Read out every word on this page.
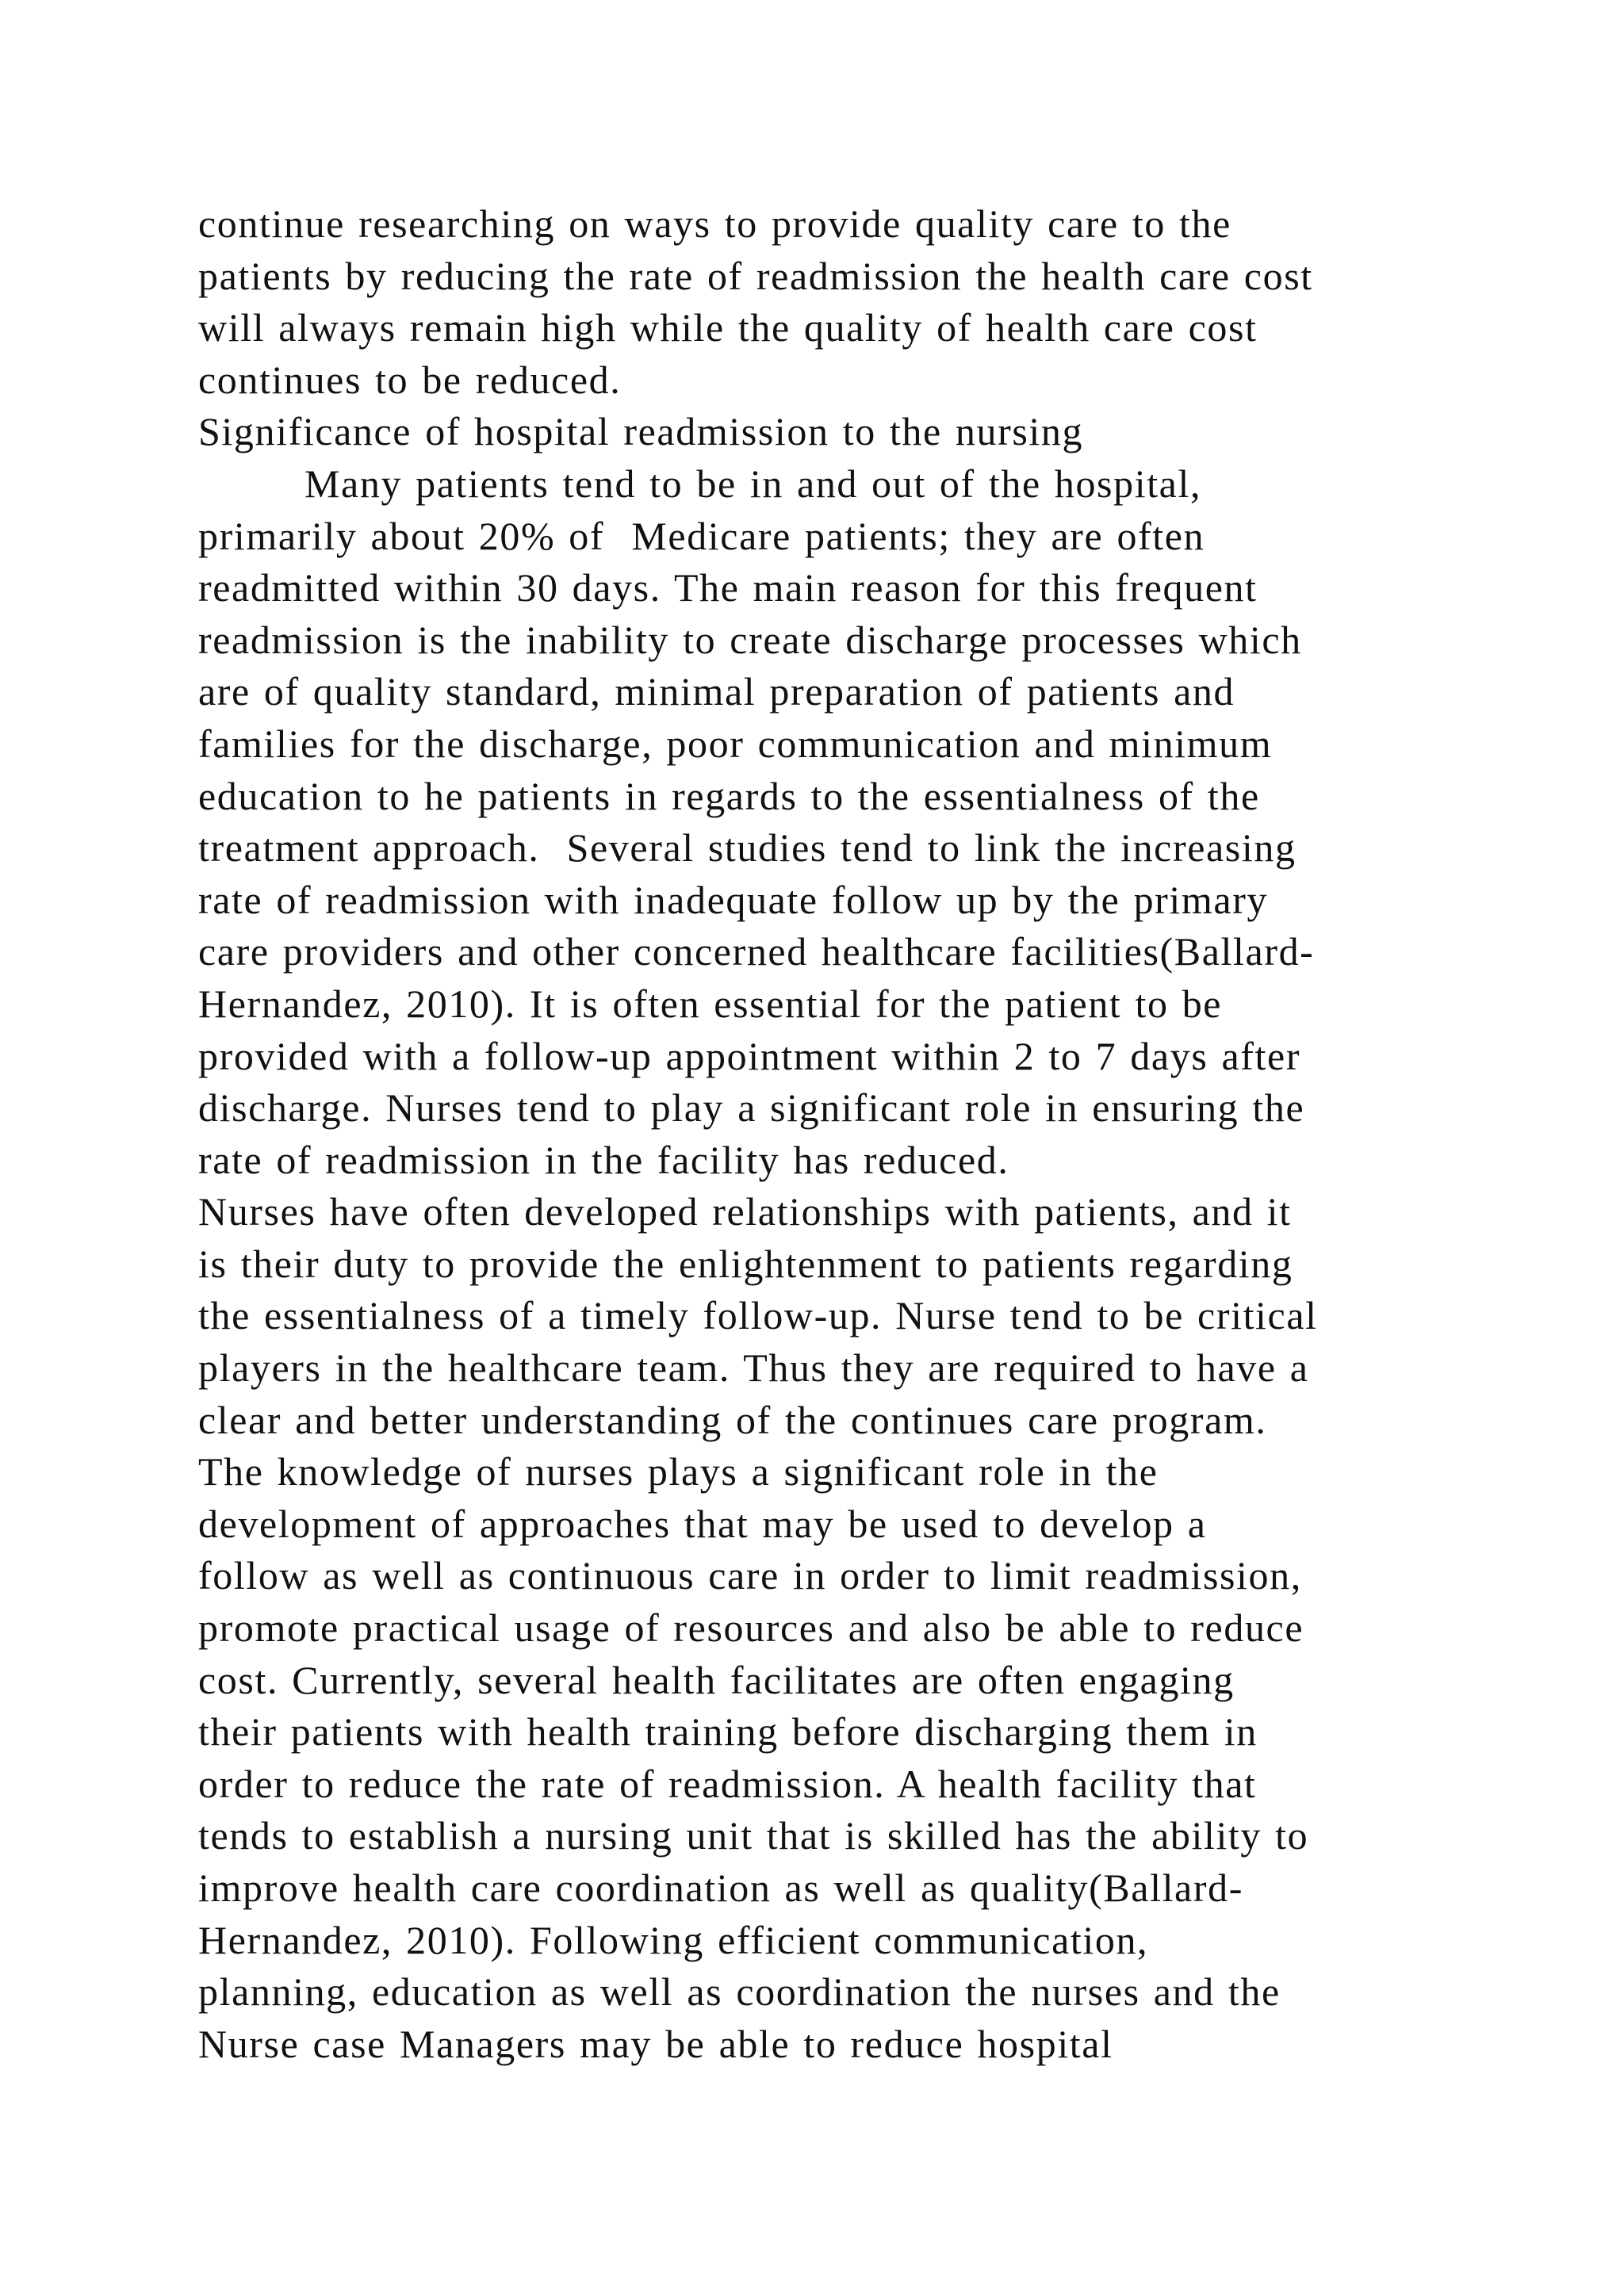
continue researching on ways to provide quality care to the
patients by reducing the rate of readmission the health care cost
will always remain high while the quality of health care cost
continues to be reduced.
Significance of hospital readmission to the nursing
Many patients tend to be in and out of the hospital,
primarily about 20% of  Medicare patients; they are often
readmitted within 30 days. The main reason for this frequent
readmission is the inability to create discharge processes which
are of quality standard, minimal preparation of patients and
families for the discharge, poor communication and minimum
education to he patients in regards to the essentialness of the
treatment approach.  Several studies tend to link the increasing
rate of readmission with inadequate follow up by the primary
care providers and other concerned healthcare facilities(Ballard-
Hernandez, 2010). It is often essential for the patient to be
provided with a follow-up appointment within 2 to 7 days after
discharge. Nurses tend to play a significant role in ensuring the
rate of readmission in the facility has reduced.
Nurses have often developed relationships with patients, and it
is their duty to provide the enlightenment to patients regarding
the essentialness of a timely follow-up. Nurse tend to be critical
players in the healthcare team. Thus they are required to have a
clear and better understanding of the continues care program.
The knowledge of nurses plays a significant role in the
development of approaches that may be used to develop a
follow as well as continuous care in order to limit readmission,
promote practical usage of resources and also be able to reduce
cost. Currently, several health facilitates are often engaging
their patients with health training before discharging them in
order to reduce the rate of readmission. A health facility that
tends to establish a nursing unit that is skilled has the ability to
improve health care coordination as well as quality(Ballard-
Hernandez, 2010). Following efficient communication,
planning, education as well as coordination the nurses and the
Nurse case Managers may be able to reduce hospital
